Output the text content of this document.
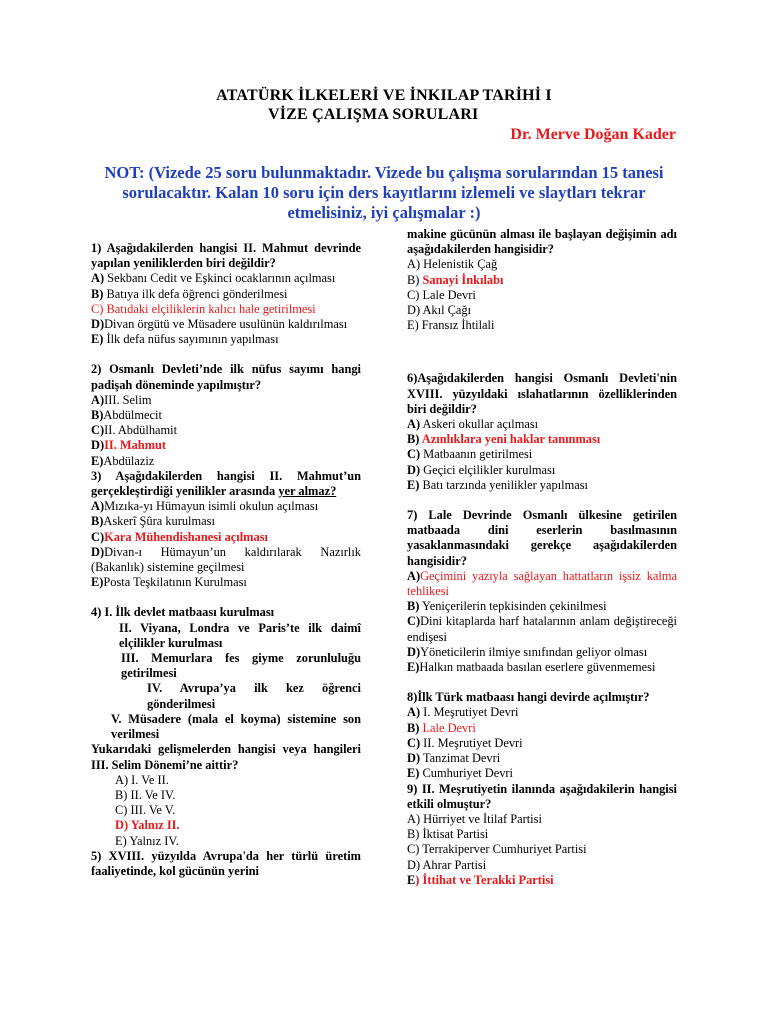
ATATÜRK İLKELERİ VE İNKILAP TARİHİ I
VİZE ÇALIŞMA SORULARI
Dr. Merve Doğan Kader
NOT: (Vizede 25 soru bulunmaktadır. Vizede bu çalışma sorularından 15 tanesi sorulacaktır. Kalan 10 soru için ders kayıtlarını izlemeli ve slaytları tekrar etmelisiniz, iyi çalışmalar :)

1) Aşağıdakilerden hangisi II. Mahmut devrinde yapılan yeniliklerden biri değildir?

A) Sekbanı Cedit ve Eşkinci ocaklarının açılması

B) Batıya ilk defa öğrenci gönderilmesi

C) Batıdaki elçiliklerin kalıcı hale getirilmesi

D)Divan örgütü ve Müsadere usulünün kaldırılması

E) İlk defa nüfus sayımının yapılması

2) Osmanlı Devleti’nde ilk nüfus sayımı hangi padişah döneminde yapılmıştır?

A)III. Selim

B)Abdülmecit

C)II. Abdülhamit

D)II. Mahmut

E)Abdülaziz

3) Aşağıdakilerden hangisi II. Mahmut’un gerçekleştirdiği yenilikler arasında yer almaz?

A)Mızıka-yı Hümayun isimli okulun açılması

B)Askerî Şûra kurulması

C)Kara Mühendishanesi açılması

D)Divan-ı Hümayun’un kaldırılarak Nazırlık (Bakanlık) sistemine geçilmesi

E)Posta Teşkilatının Kurulması

4) I. İlk devlet matbaası kurulması

II. Viyana, Londra ve Paris’te ilk daimî elçilikler kurulması

III. Memurlara fes giyme zorunluluğu getirilmesi

IV. Avrupa’ya ilk kez öğrenci gönderilmesi

V. Müsadere (mala el koyma) sistemine son verilmesi

Yukarıdaki gelişmelerden hangisi veya hangileri III. Selim Dönemi’ne aittir?

A) I. Ve II.

B) II. Ve IV.

C) III. Ve V.

D) Yalnız II.

E) Yalnız IV.

5) XVIII. yüzyılda Avrupa'da her türlü üretim faaliyetinde, kol gücünün yerini

makine gücünün alması ile başlayan değişimin adı aşağıdakilerden hangisidir?

A) Helenistik Çağ

B) Sanayi İnkılabı

C) Lale Devri

D) Akıl Çağı

E) Fransız İhtilali

6)Aşağıdakilerden hangisi Osmanlı Devleti'nin XVIII. yüzyıldaki ıslahatlarının özelliklerinden biri değildir?

A) Askeri okullar açılması

B) Azınlıklara yeni haklar tanınması

C) Matbaanın getirilmesi

D) Geçici elçilikler kurulması

E) Batı tarzında yenilikler yapılması

7) Lale Devrinde Osmanlı ülkesine getirilen matbaada dini eserlerin basılmasının yasaklanmasındaki gerekçe aşağıdakilerden hangisidir?

A)Geçimini yazıyla sağlayan hattatların işsiz kalma tehlikesi

B) Yeniçerilerin tepkisinden çekinilmesi

C)Dini kitaplarda harf hatalarının anlam değiştireceği endişesi

D)Yöneticilerin ilmiye sınıfından geliyor olması

E)Halkın matbaada basılan eserlere güvenmemesi

8)İlk Türk matbaası hangi devirde açılmıştır?

A) I. Meşrutiyet Devri

B) Lale Devri

C) II. Meşrutiyet Devri

D) Tanzimat Devri

E) Cumhuriyet Devri

9) II. Meşrutiyetin ilanında aşağıdakilerin hangisi etkili olmuştur?

A) Hürriyet ve İtilaf Partisi

B) İktisat Partisi

C) Terrakiperver Cumhuriyet Partisi

D) Ahrar Partisi

E) İttihat ve Terakki Partisi
